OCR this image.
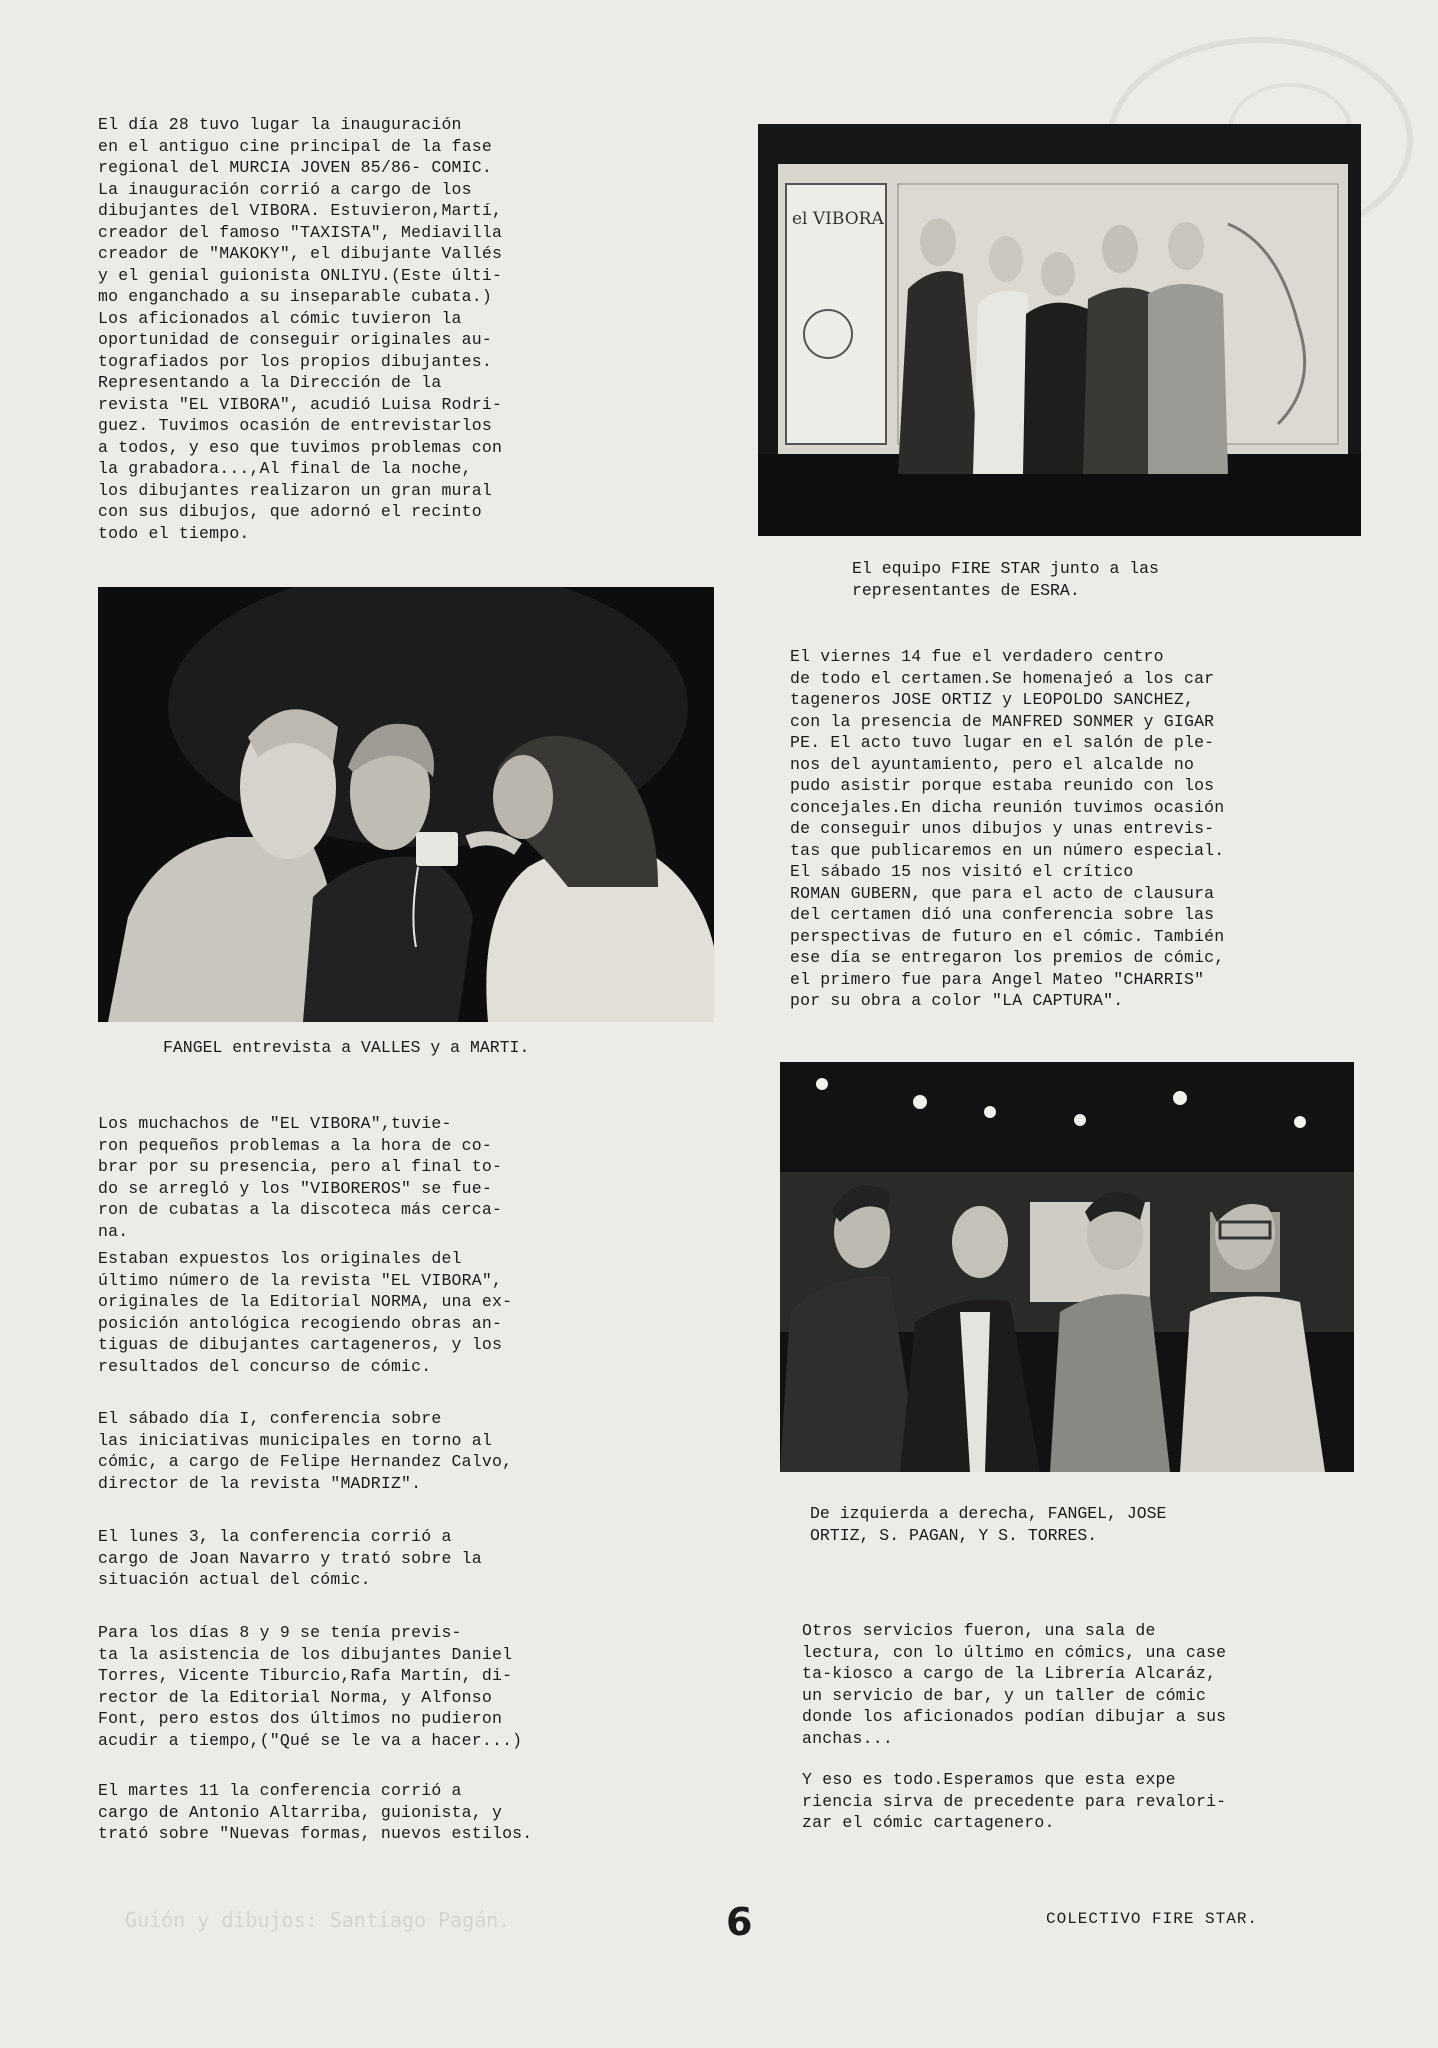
​

El día 28 tuvo lugar la inauguración
en el antiguo cine principal de la fase
regional del MURCIA JOVEN 85/86- COMIC.
La inauguración corrió a cargo de los
dibujantes del VIBORA. Estuvieron,Martí,
creador del famoso "TAXISTA", Mediavilla
creador de "MAKOKY", el dibujante Vallés
y el genial guionista ONLIYU.(Este últi-
mo enganchado a su inseparable cubata.)
Los aficionados al cómic tuvieron la
oportunidad de conseguir originales au-
tografiados por los propios dibujantes.
Representando a la Dirección de la
revista "EL VIBORA", acudió Luisa Rodri-
guez. Tuvimos ocasión de entrevistarlos
a todos, y eso que tuvimos problemas con
la grabadora...,Al final de la noche,
los dibujantes realizaron un gran mural
con sus dibujos, que adornó el recinto
todo el tiempo.

FANGEL entrevista a VALLES y a MARTI.

Los muchachos de "EL VIBORA",tuvie-
ron pequeños problemas a la hora de co-
brar por su presencia, pero al final to-
do se arregló y los "VIBOREROS" se fue-
ron de cubatas a la discoteca más cerca-
na.

Estaban expuestos los originales del
último número de la revista "EL VIBORA",
originales de la Editorial NORMA, una ex-
posición antológica recogiendo obras an-
tiguas de dibujantes cartageneros, y los
resultados del concurso de cómic.

El sábado día I, conferencia sobre
las iniciativas municipales en torno al
cómic, a cargo de Felipe Hernandez Calvo,
director de la revista "MADRIZ".

El lunes 3, la conferencia corrió a
cargo de Joan Navarro y trató sobre la
situación actual del cómic.

Para los días 8 y 9 se tenía previs-
ta la asistencia de los dibujantes Daniel
Torres, Vicente Tiburcio,Rafa Martín, di-
rector de la Editorial Norma, y Alfonso
Font, pero estos dos últimos no pudieron
acudir a tiempo,("Qué se le va a hacer...)

El martes 11 la conferencia corrió a
cargo de Antonio Altarriba, guionista, y
trató sobre "Nuevas formas, nuevos estilos.

el VIBORA

El equipo FIRE STAR junto a las
representantes de ESRA.

El viernes 14 fue el verdadero centro
de todo el certamen.Se homenajeó a los car
tageneros JOSE ORTIZ y LEOPOLDO SANCHEZ,
con la presencia de MANFRED SONMER y GIGAR
PE. El acto tuvo lugar en el salón de ple-
nos del ayuntamiento, pero el alcalde no
pudo asistir porque estaba reunido con los
concejales.En dicha reunión tuvimos ocasión
de conseguir unos dibujos y unas entrevis-
tas que publicaremos en un número especial.
El sábado 15 nos visitó el crítico
ROMAN GUBERN, que para el acto de clausura
del certamen dió una conferencia sobre las
perspectivas de futuro en el cómic. También
ese día se entregaron los premios de cómic,
el primero fue para Angel Mateo "CHARRIS"
por su obra a color "LA CAPTURA".

De izquierda a derecha, FANGEL, JOSE
ORTIZ, S. PAGAN, Y S. TORRES.

Otros servicios fueron, una sala de
lectura, con lo último en cómics, una case
ta-kiosco a cargo de la Librería Alcaráz,
un servicio de bar, y un taller de cómic
donde los aficionados podían dibujar a sus
anchas...

Y eso es todo.Esperamos que esta expe
riencia sirva de precedente para revalori-
zar el cómic cartagenero.

Guión y dibujos: Santiago Pagán.	6	COLECTIVO FIRE STAR.
